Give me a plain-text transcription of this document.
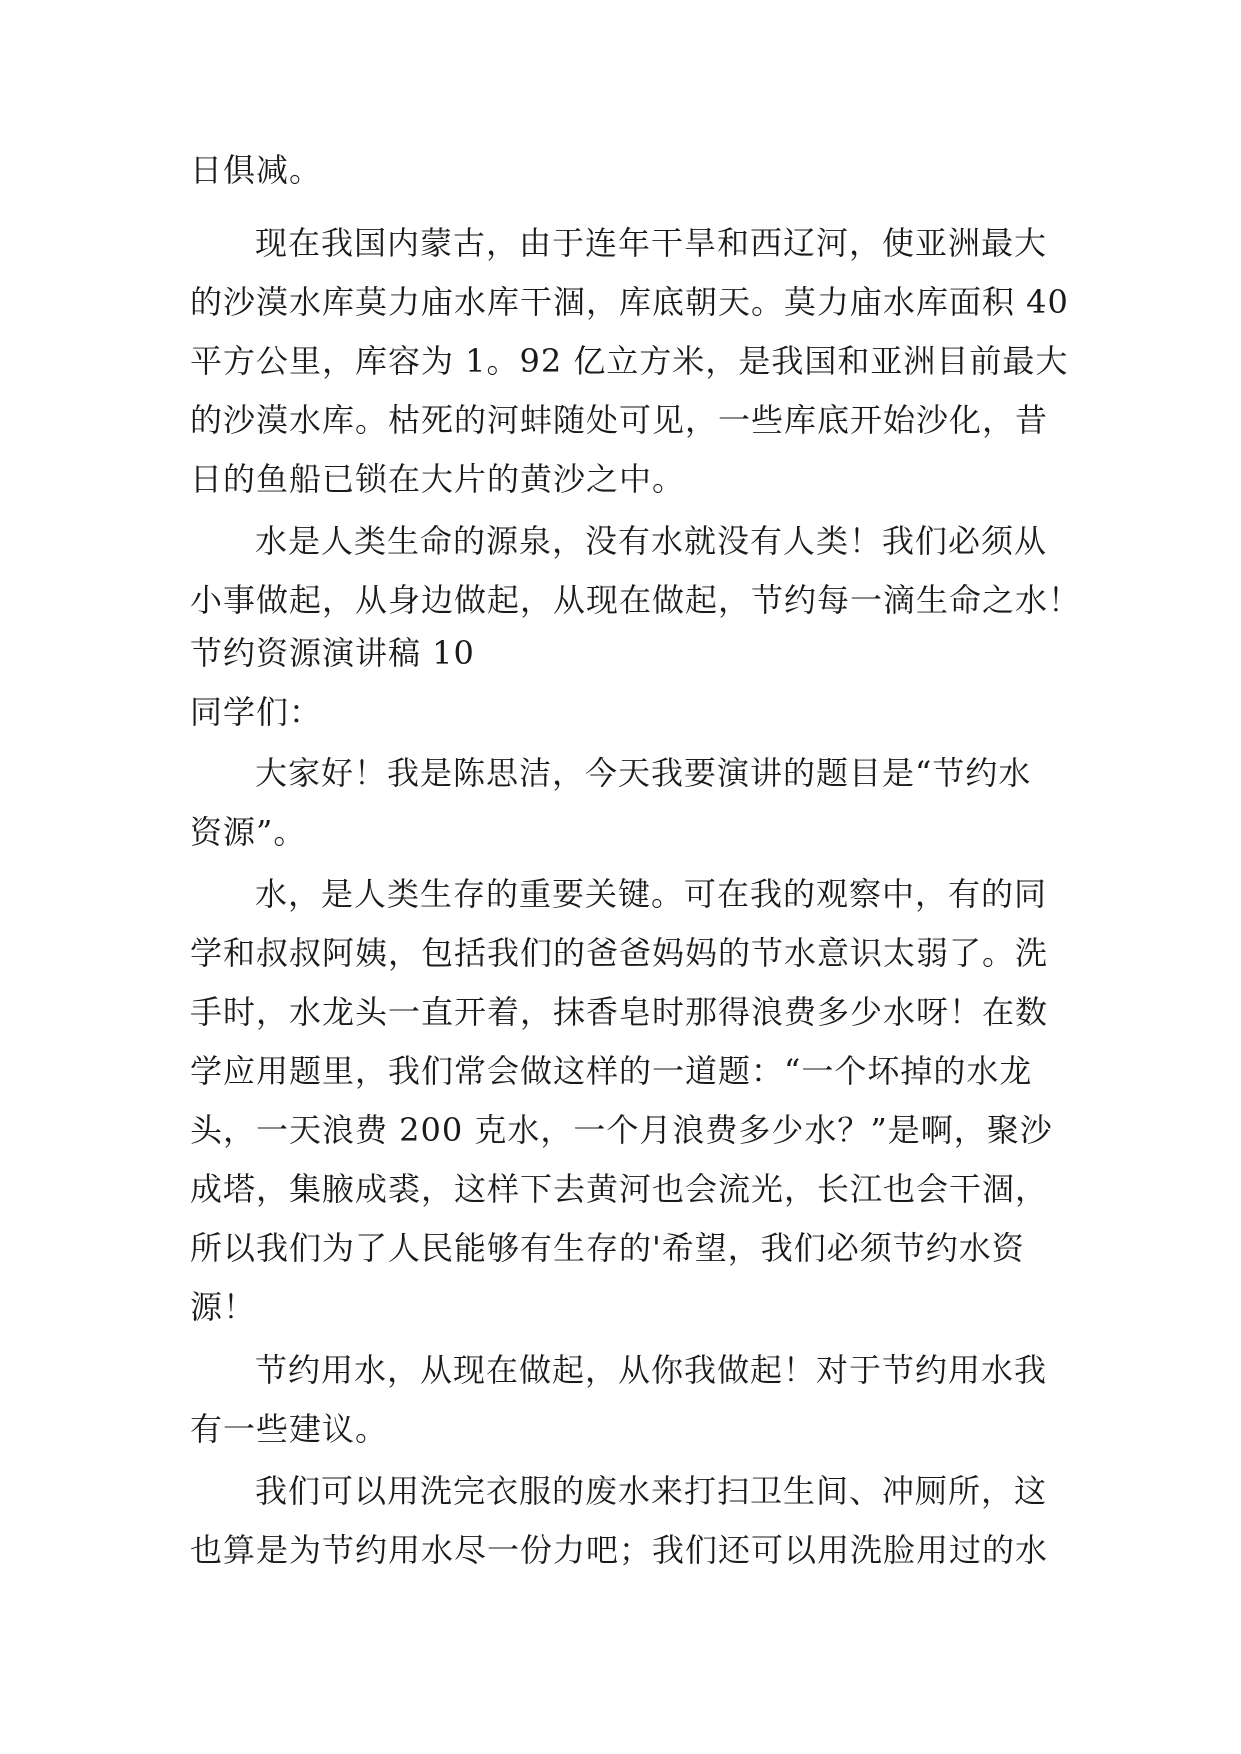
日俱减。

现在我国内蒙古，由于连年干旱和西辽河，使亚洲最大

的沙漠水库莫力庙水库干涸，库底朝天。莫力庙水库面积 40

平方公里，库容为 1。92 亿立方米，是我国和亚洲目前最大

的沙漠水库。枯死的河蚌随处可见，一些库底开始沙化，昔

日的鱼船已锁在大片的黄沙之中。

水是人类生命的源泉，没有水就没有人类！我们必须从

小事做起，从身边做起，从现在做起，节约每一滴生命之水！

节约资源演讲稿 10

同学们：

大家好！我是陈思洁，今天我要演讲的题目是“节约水

资源”。

水，是人类生存的重要关键。可在我的观察中，有的同

学和叔叔阿姨，包括我们的爸爸妈妈的节水意识太弱了。洗

手时，水龙头一直开着，抹香皂时那得浪费多少水呀！在数

学应用题里，我们常会做这样的一道题：“一个坏掉的水龙

头，一天浪费 200 克水，一个月浪费多少水？”是啊，聚沙

成塔，集腋成裘，这样下去黄河也会流光，长江也会干涸，

所以我们为了人民能够有生存的'希望，我们必须节约水资

源！

节约用水，从现在做起，从你我做起！对于节约用水我

有一些建议。

我们可以用洗完衣服的废水来打扫卫生间、冲厕所，这

也算是为节约用水尽一份力吧；我们还可以用洗脸用过的水
